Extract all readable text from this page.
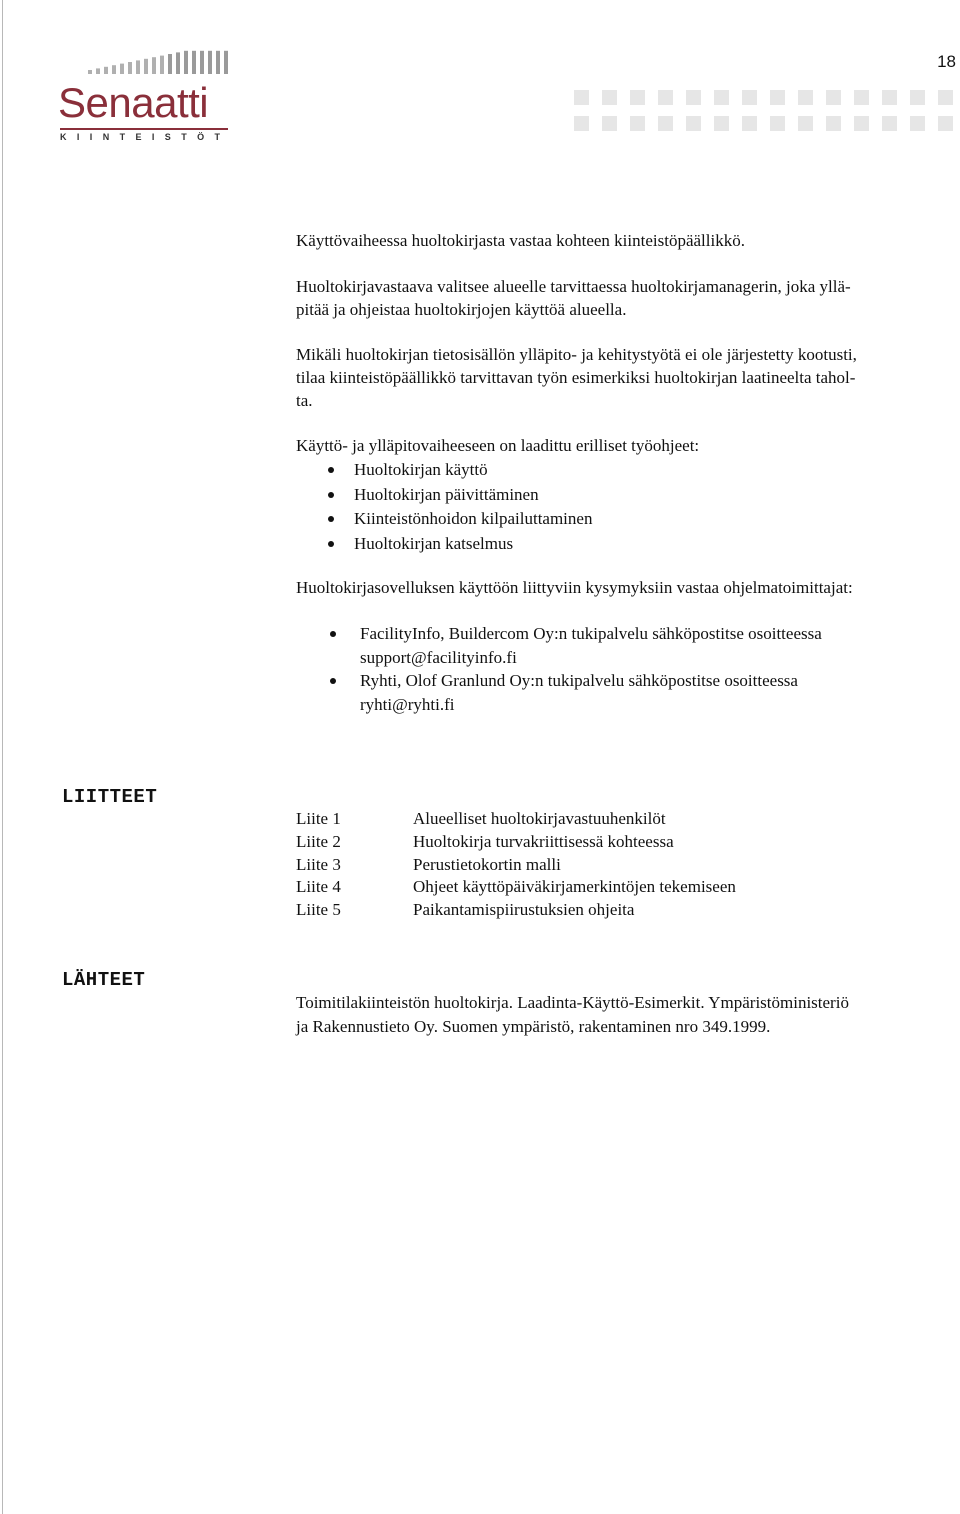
Senaatti
KIINTEISTÖT
18

Käyttövaiheessa huoltokirjasta vastaa kohteen kiinteistöpäällikkö.

Huoltokirjavastaava valitsee alueelle tarvittaessa huoltokirjamanagerin, joka yllä-

pitää ja ohjeistaa huoltokirjojen käyttöä alueella.

Mikäli huoltokirjan tietosisällön ylläpito- ja kehitystyötä ei ole järjestetty kootusti,

tilaa kiinteistöpäällikkö tarvittavan työn esimerkiksi huoltokirjan laatineelta tahol-

ta.

Käyttö- ja ylläpitovaiheeseen on laadittu erilliset työohjeet:

Huoltokirjan käyttö
Huoltokirjan päivittäminen
Kiinteistönhoidon kilpailuttaminen
Huoltokirjan katselmus

Huoltokirjasovelluksen käyttöön liittyviin kysymyksiin vastaa ohjelmatoimittajat:

FacilityInfo, Buildercom Oy:n tukipalvelu sähköpostitse osoitteessa
support@facilityinfo.fi
Ryhti, Olof Granlund Oy:n tukipalvelu sähköpostitse osoitteessa
ryhti@ryhti.fi
LIITTEET
Liite 1	Alueelliset huoltokirjavastuuhenkilöt
Liite 2	Huoltokirja turvakriittisessä kohteessa
Liite 3	Perustietokortin malli
Liite 4	Ohjeet käyttöpäiväkirjamerkintöjen tekemiseen
Liite 5	Paikantamispiirustuksien ohjeita
LÄHTEET
Toimitilakiinteistön huoltokirja. Laadinta-Käyttö-Esimerkit. Ympäristöministeriö
ja Rakennustieto Oy. Suomen ympäristö, rakentaminen nro 349.1999.
